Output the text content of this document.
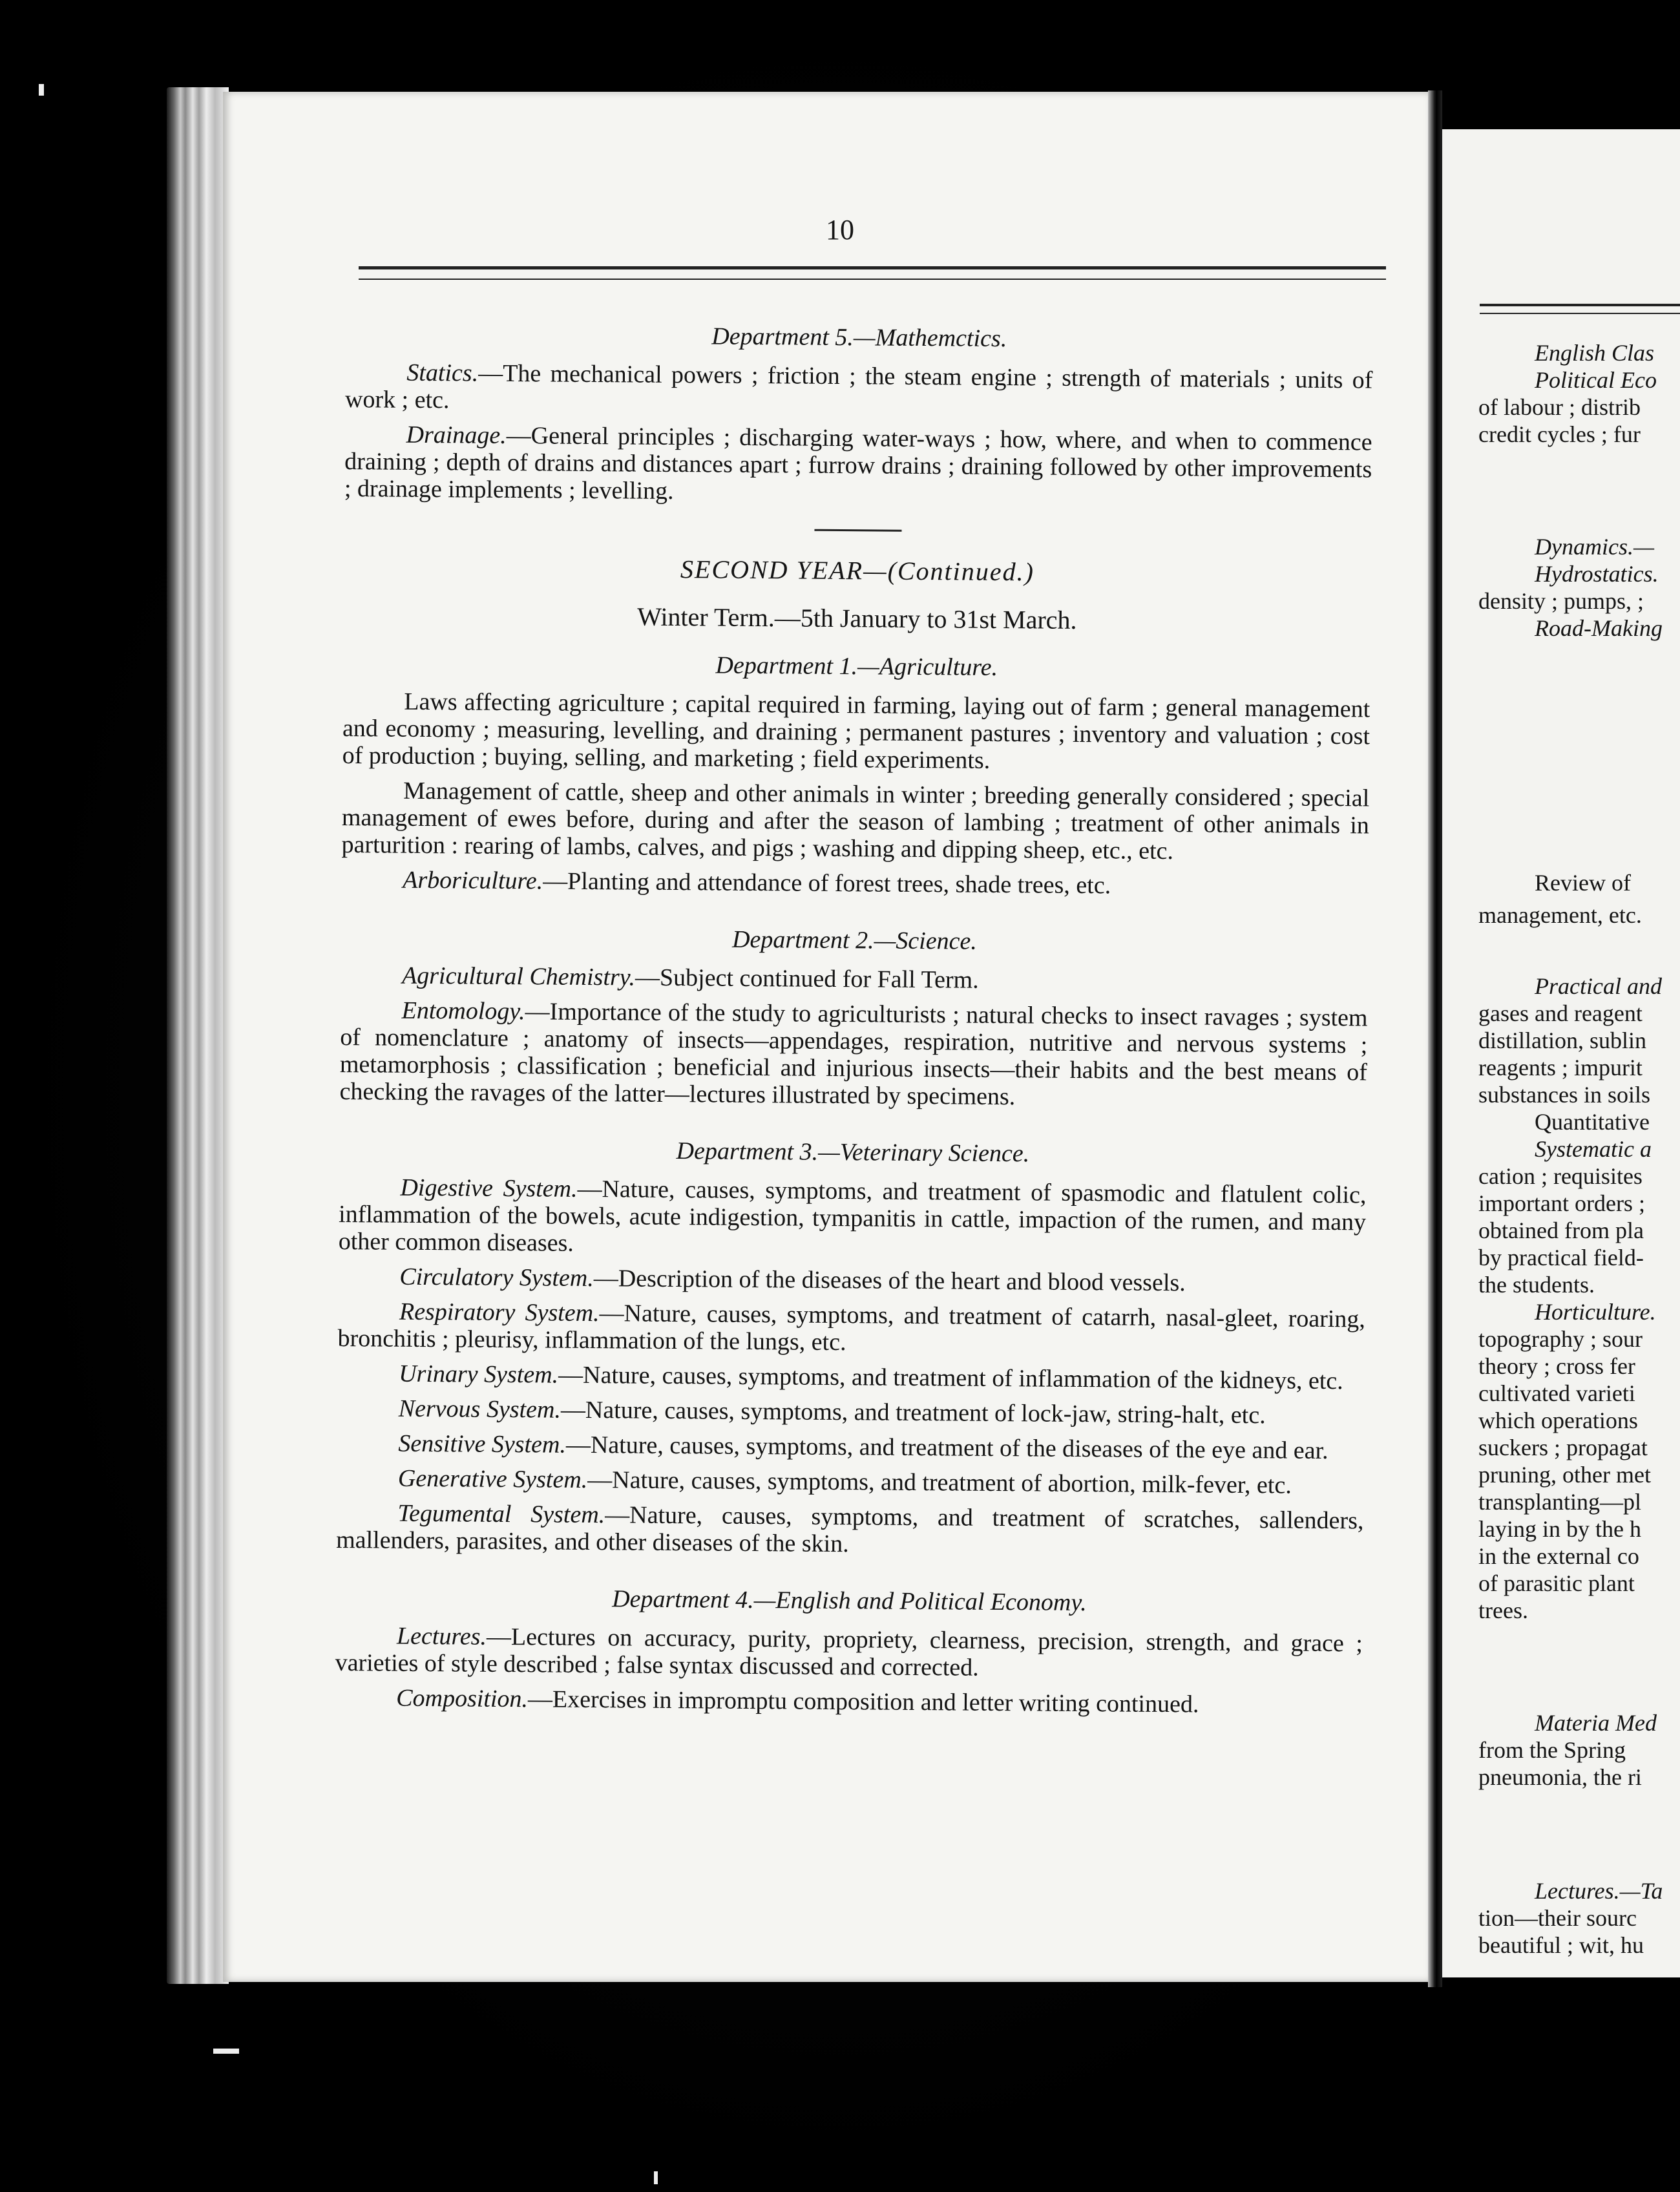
10
Department 5.—Mathemctics.

Statics.—The mechanical powers ; friction ; the steam engine ; strength of materials ; units of work ; etc.

Drainage.—General principles ; discharging water-ways ; how, where, and when to commence draining ; depth of drains and distances apart ; furrow drains ; draining followed by other improvements ; drainage implements ; levelling.

SECOND YEAR—(Continued.)
Winter Term.—5th January to 31st March.
Department 1.—Agriculture.

Laws affecting agriculture ; capital required in farming, laying out of farm ; general management and economy ; measuring, levelling, and draining ; permanent pastures ; inventory and valuation ; cost of production ; buying, selling, and marketing ; field experiments.

Management of cattle, sheep and other animals in winter ; breeding generally considered ; special management of ewes before, during and after the season of lambing ; treatment of other animals in parturition : rearing of lambs, calves, and pigs ; washing and dipping sheep, etc., etc.

Arboriculture.—Planting and attendance of forest trees, shade trees, etc.

Department 2.—Science.

Agricultural Chemistry.—Subject continued for Fall Term.

Entomology.—Importance of the study to agriculturists ; natural checks to insect ravages ; system of nomenclature ; anatomy of insects—appendages, respiration, nutritive and nervous systems ; metamorphosis ; classification ; beneficial and injurious insects—their habits and the best means of checking the ravages of the latter—lectures illustrated by specimens.

Department 3.—Veterinary Science.

Digestive System.—Nature, causes, symptoms, and treatment of spasmodic and flatulent colic, inflammation of the bowels, acute indigestion, tympanitis in cattle, impaction of the rumen, and many other common diseases.

Circulatory System.—Description of the diseases of the heart and blood vessels.

Respiratory System.—Nature, causes, symptoms, and treatment of catarrh, nasal-gleet, roaring, bronchitis ; pleurisy, inflammation of the lungs, etc.

Urinary System.—Nature, causes, symptoms, and treatment of inflammation of the kidneys, etc.

Nervous System.—Nature, causes, symptoms, and treatment of lock-jaw, string-halt, etc.

Sensitive System.—Nature, causes, symptoms, and treatment of the diseases of the eye and ear.

Generative System.—Nature, causes, symptoms, and treatment of abortion, milk-fever, etc.

Tegumental System.—Nature, causes, symptoms, and treatment of scratches, sallenders, mallenders, parasites, and other diseases of the skin.

Department 4.—English and Political Economy.

Lectures.—Lectures on accuracy, purity, propriety, clearness, precision, strength, and grace ; varieties of style described ; false syntax discussed and corrected.

Composition.—Exercises in impromptu composition and letter writing continued.

English Clas
Political Eco
of labour ; distrib
credit cycles ; fur
Dynamics.—
Hydrostatics.
density ; pumps, ;
Road-Making
Review of
management, etc.
Practical and
gases and reagent
distillation, sublin
reagents ; impurit
substances in soils
Quantitative
Systematic a
cation ; requisites
important orders ;
obtained from pla
by practical field-
the students.
Horticulture.
topography ; sour
theory ; cross fer
cultivated varieti
which operations
suckers ; propagat
pruning, other met
transplanting—pl
laying in by the h
in the external co
of parasitic plant
trees.
Materia Med
from the Spring
pneumonia, the ri
Lectures.—Ta
tion—their sourc
beautiful ; wit, hu
